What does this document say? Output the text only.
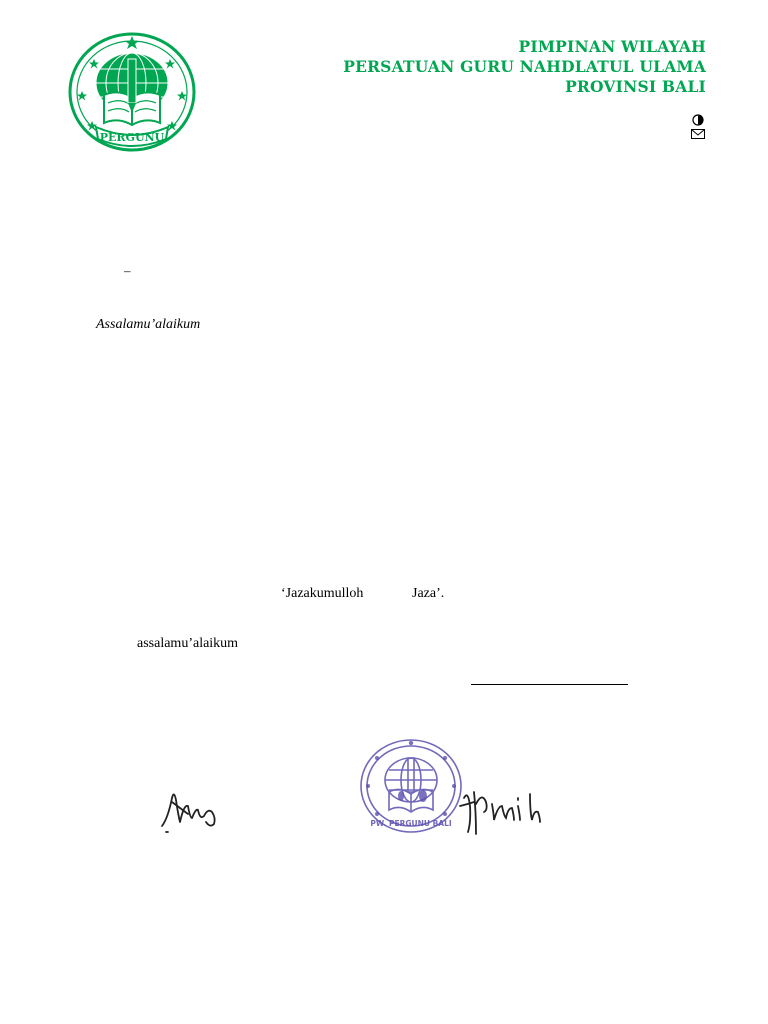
PERGUNU
PIMPINAN WILAYAH
PERSATUAN GURU NAHDLATUL ULAMA
PROVINSI BALI
–
Assalamu’alaikum
‘Jazakumulloh	Jaza’.
assalamu’alaikum
PW. PERGUNU BALI
